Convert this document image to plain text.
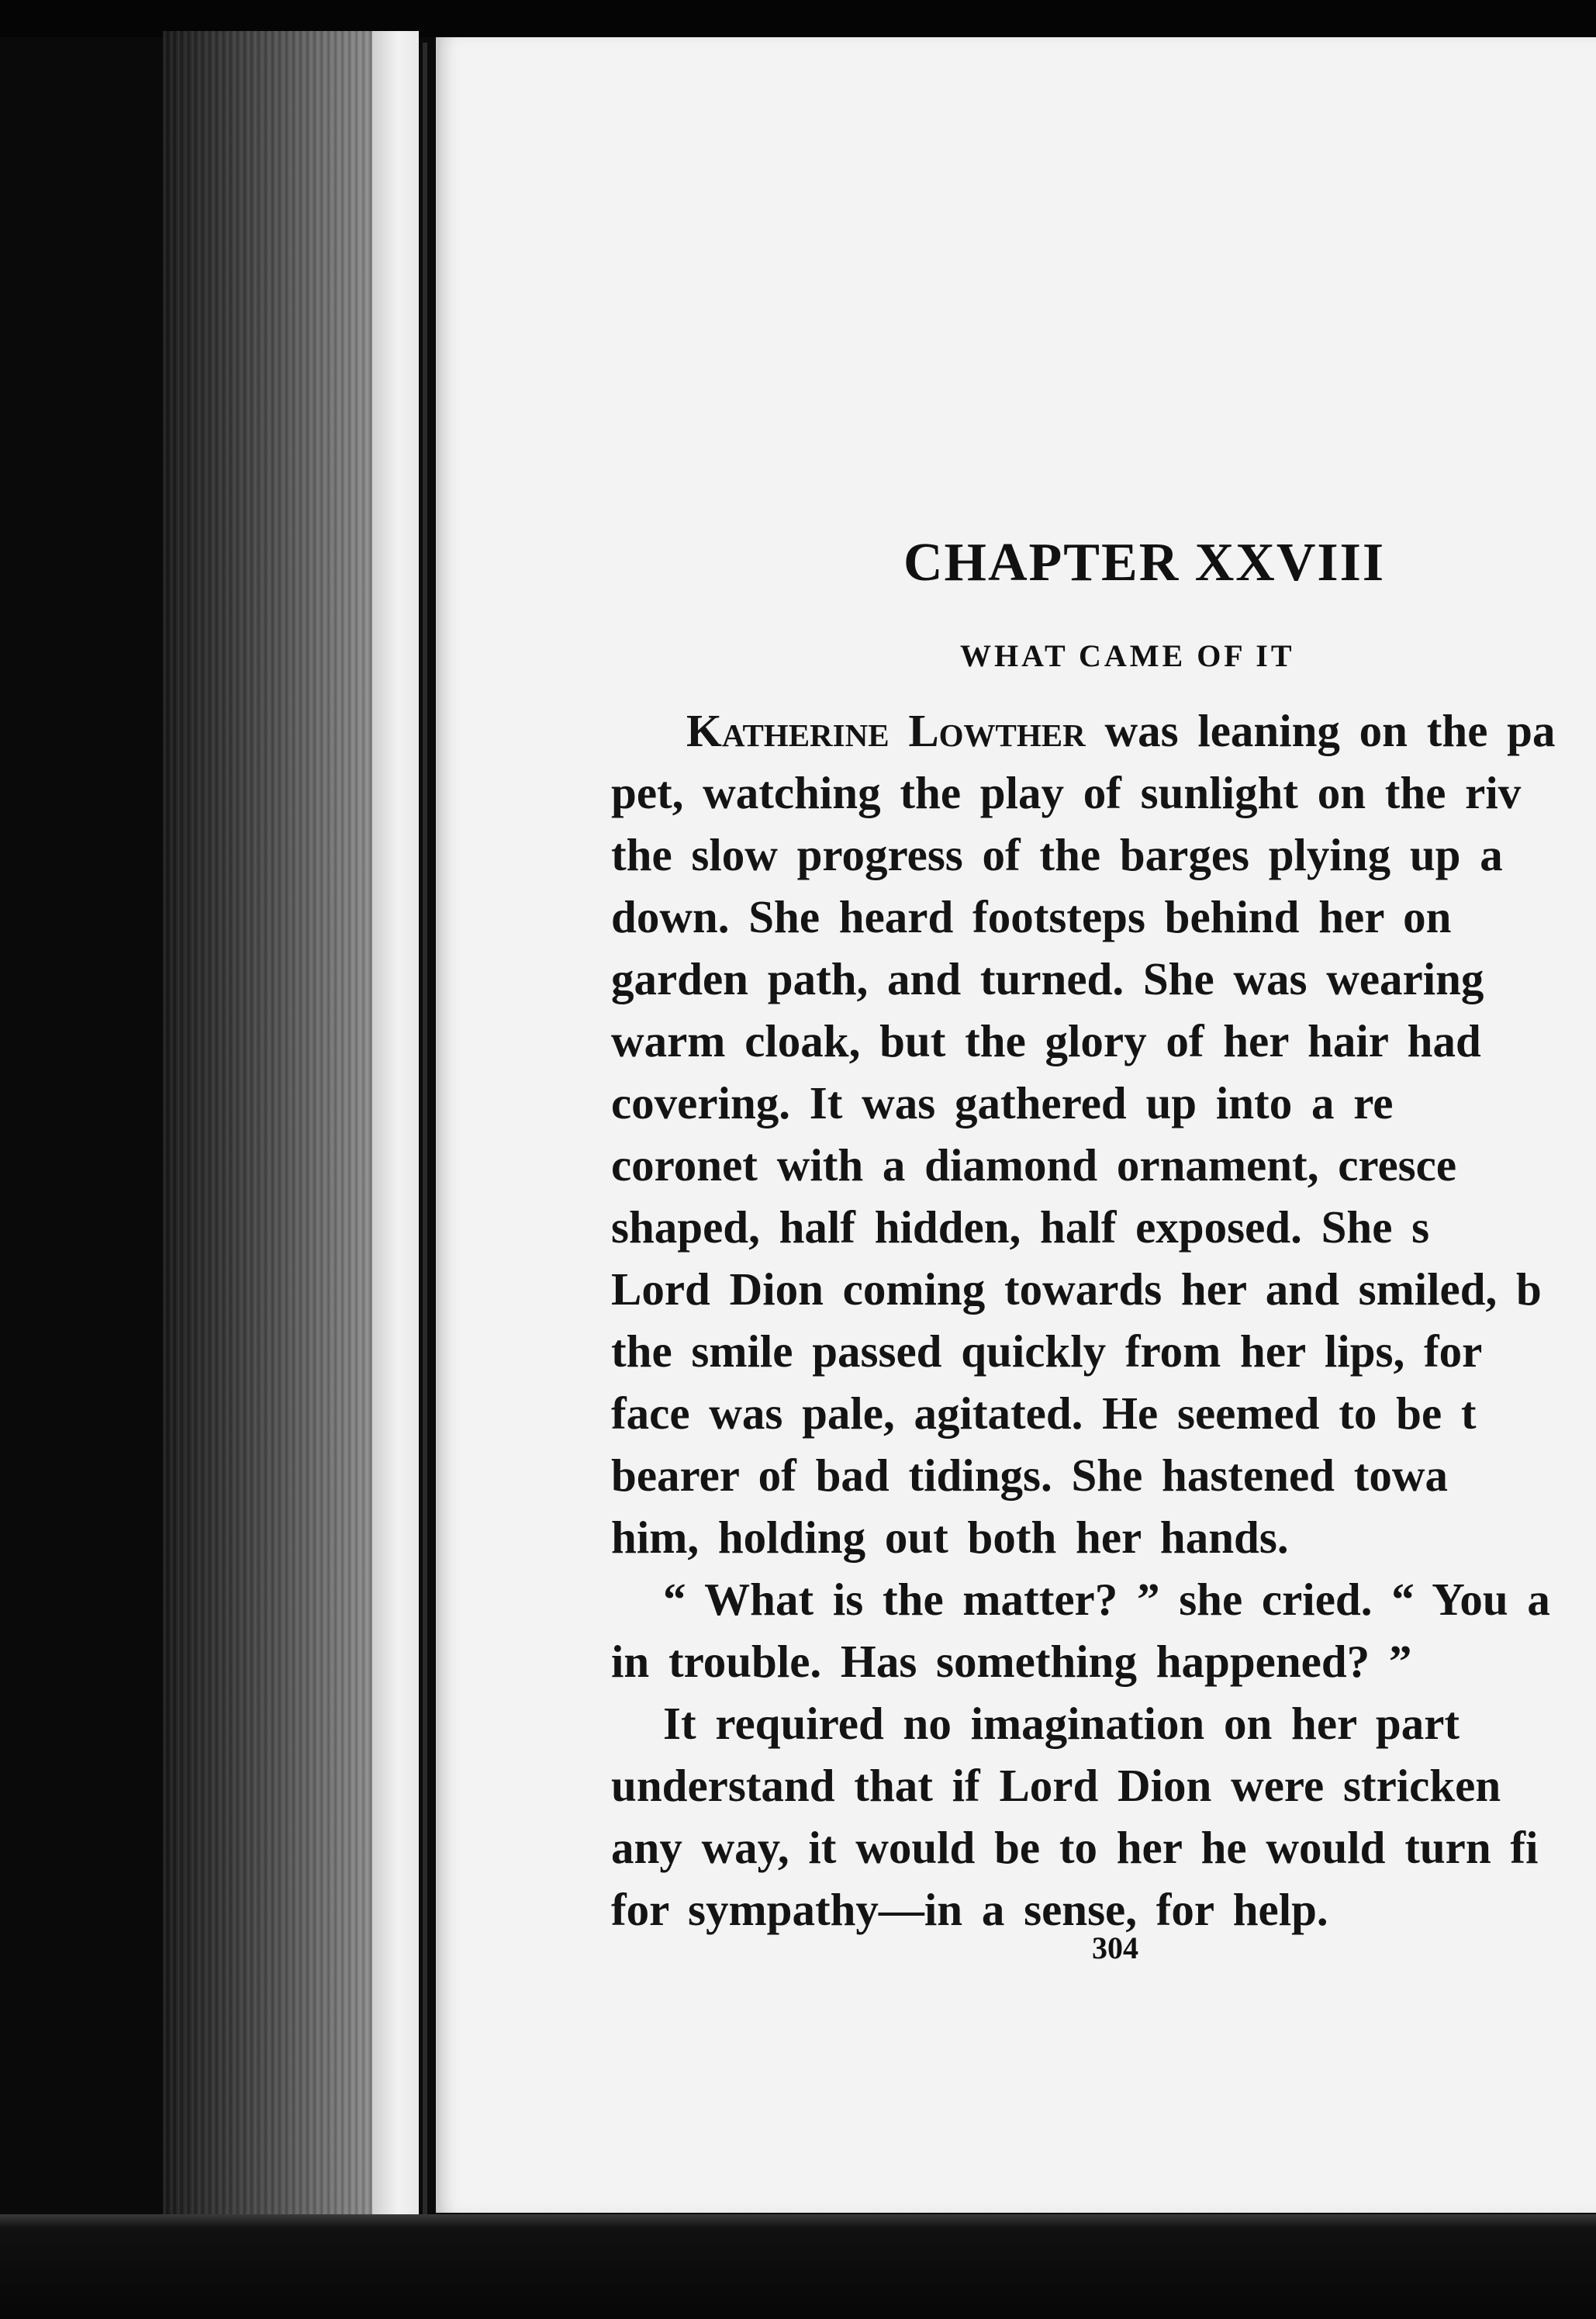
CHAPTER XXVIII
WHAT CAME OF IT
Katherine Lowther was leaning on the pa
pet, watching the play of sunlight on the riv
the slow progress of the barges plying up a
down. She heard footsteps behind her on
garden path, and turned. She was wearing
warm cloak, but the glory of her hair had
covering. It was gathered up into a re
coronet with a diamond ornament, cresce
shaped, half hidden, half exposed. She s
Lord Dion coming towards her and smiled, b
the smile passed quickly from her lips, for
face was pale, agitated. He seemed to be t
bearer of bad tidings. She hastened towa
him, holding out both her hands.
“ What is the matter? ” she cried. “ You a
in trouble. Has something happened? ”
It required no imagination on her part
understand that if Lord Dion were stricken
any way, it would be to her he would turn fi
for sympathy—in a sense, for help.
304
